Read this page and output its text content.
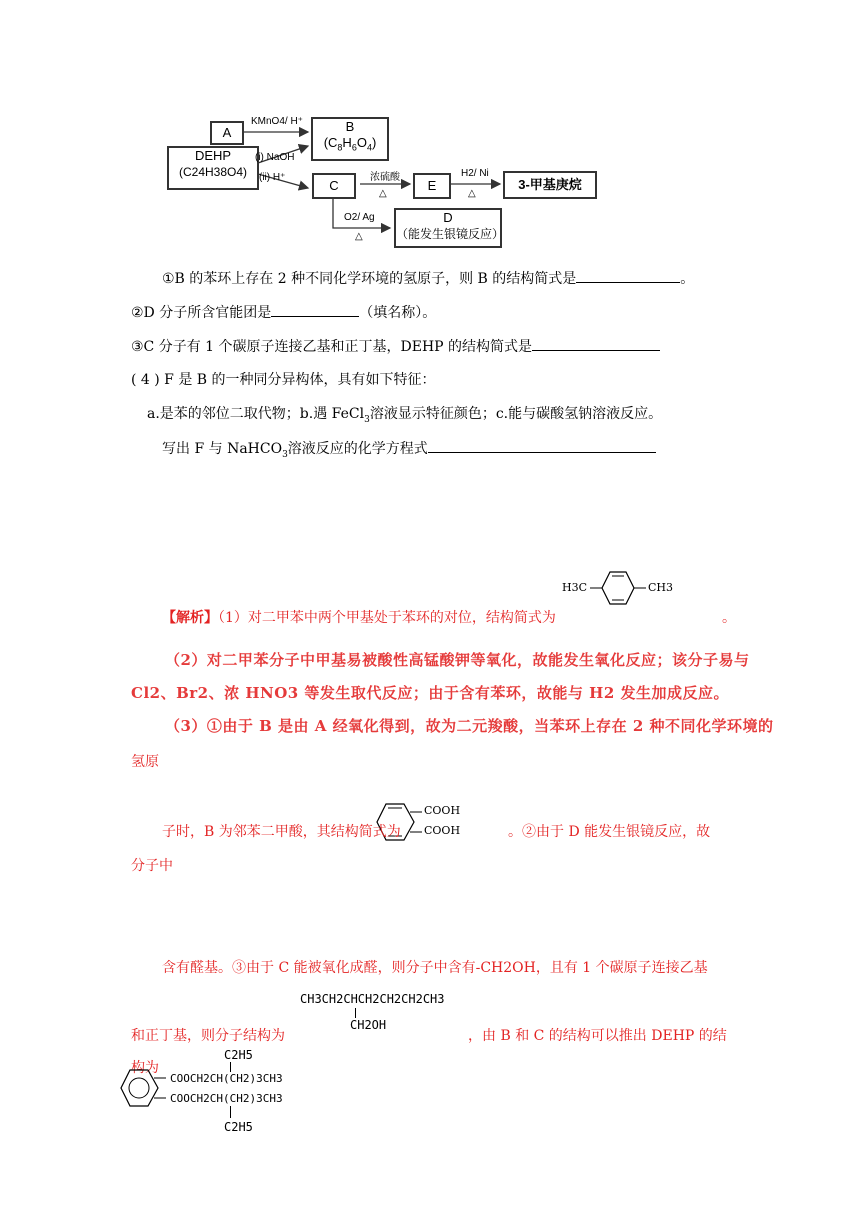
A	B
$(C_8H_6O_4)$
DEHP
(C24H38O4)
C	E	3-甲基庚烷
D
（能发生银镜反应）
KMnO4/ H⁺
(i) NaOH
(ii) H⁺	浓硫酸
△
H2/ Ni
△
O2/ Ag
△
①B 的苯环上存在 2 种不同化学环境的氢原子，则 B 的结构简式是	。
②D 分子所含官能团是	（填名称）。
③C 分子有 1 个碳原子连接乙基和正丁基，DEHP 的结构简式是
( 4 ) F 是 B 的一种同分异构体，具有如下特征：
a.是苯的邻位二取代物；b.遇 FeCl$_3$溶液显示特征颜色；c.能与碳酸氢钠溶液反应。
写出 F 与 NaHCO$_3$溶液反应的化学方程式
H3C	CH3
【解析】（1）对二甲苯中两个甲基处于苯环的对位，结构简式为	。
（2）对二甲苯分子中甲基易被酸性高锰酸钾等氧化，故能发生氧化反应；该分子易与
Cl2、Br2、浓 HNO3 等发生取代反应；由于含有苯环，故能与 H2 发生加成反应。
（3）①由于 B 是由 A 经氧化得到，故为二元羧酸，当苯环上存在 2 种不同化学环境的
氢原
COOH
COOH
子时，B 为邻苯二甲酸，其结构简式为	。②由于 D 能发生银镜反应，故
分子中
含有醛基。③由于 C 能被氧化成醛，则分子中含有-CH2OH，且有 1 个碳原子连接乙基
CH3CH2CHCH2CH2CH2CH3
CH2OH
和正丁基，则分子结构为	，由 B 和 C 的结构可以推出 DEHP 的结
构为
C2H5
COOCH2CH(CH2)3CH3
COOCH2CH(CH2)3CH3
C2H5
